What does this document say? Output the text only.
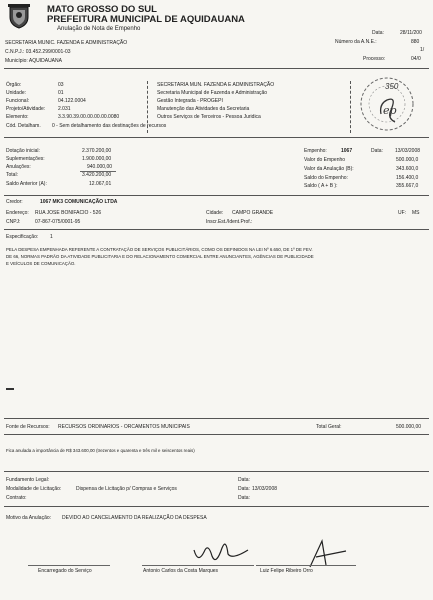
MATO GROSSO DO SUL
PREFEITURA MUNICIPAL DE AQUIDAUANA
Anulação de Nota de Empenho
SECRETARIA MUNIC. FAZENDA E ADMINISTRAÇÃO
C.N.P.J.: 03.452.299/0001-03
Município: AQUIDAUANA
Data:	28/11/200
Número da A.N.E.:	880
1/
Processo:	04/0
Órgão:	03	SECRETARIA MUN. FAZENDA E ADMINISTRAÇÃO
Unidade:	01	Secretaria Municipal de Fazenda e Administração
Funcional:	04.122.0004	Gestão Integrada - PROGEPI
Projeto/Atividade:	2.031	Manutenção das Atividades da Secretaria
Elemento:	3.3.90.39.00.00.00.00.0080	Outros Serviços de Terceiros - Pessoa Juridica
Cód. Detalham. 0 - Sem detalhamento das destinações de recursos
350
ep
Dotação inicial:	2.370.200,00
Suplementações:	1.900.000,00
Anulações:	940.000,00
Total:	3.420.200,00
Saldo Anterior (A):	12.067,01
Empenho:	1067	Data: 13/03/2008
Valor do Empenho	500.000,0
Valor da Anulação (B):	343.600,0
Saldo do Empenho:	156.400,0
Saldo ( A + B ):	355.667,0
Credor:	1067 MK3 COMUNICAÇÃO LTDA
Endereço: RUA JOSE BONIFACIO - 526
CNPJ:	07-867-075/0001-95
Cidade: CAMPO GRANDE	UF: MS
Inscr.Est./Ident.Prof.:
Especificação: 1
PELA DESPESA EMPENHADA REFERENTE A CONTRATAÇÃO DE SERVIÇOS PUBLICITÁRIOS, COMO OS DEFINIDOS NA LEI Nº 6.650, DE 1º DE FEV.
DE 66, NORMAS PADRÃO DA ATIVIDADE PUBLICITARIA E DO RELACIONAMENTO COMERCIAL ENTRE ANUNCIANTES, AGÊNCIAS DE PUBLICIDADE
E VEÍCULOS DE COMUNICAÇÃO.
Fonte de Recursos: RECURSOS ORDINARIOS - ORCAMENTOS MUNICIPAIS	Total Geral:	500.000,00
Fica anulada a importância de R$ 343.600,00 (trezentos e quarenta e três mil e seiscentos reais)
Fundamento Legal:	Data:
Modalidade de Licitação:	Dispensa de Licitação p/ Compras e Serviços	Data: 13/03/2008
Contrato:	Data:
Motivo da Anulação: DEVIDO AO CANCELAMENTO DA REALIZAÇÃO DA DESPESA
Encarregado do Serviço	Antonio Carlos da Costa Marques	Luiz Felipe Ribeiro Orro
